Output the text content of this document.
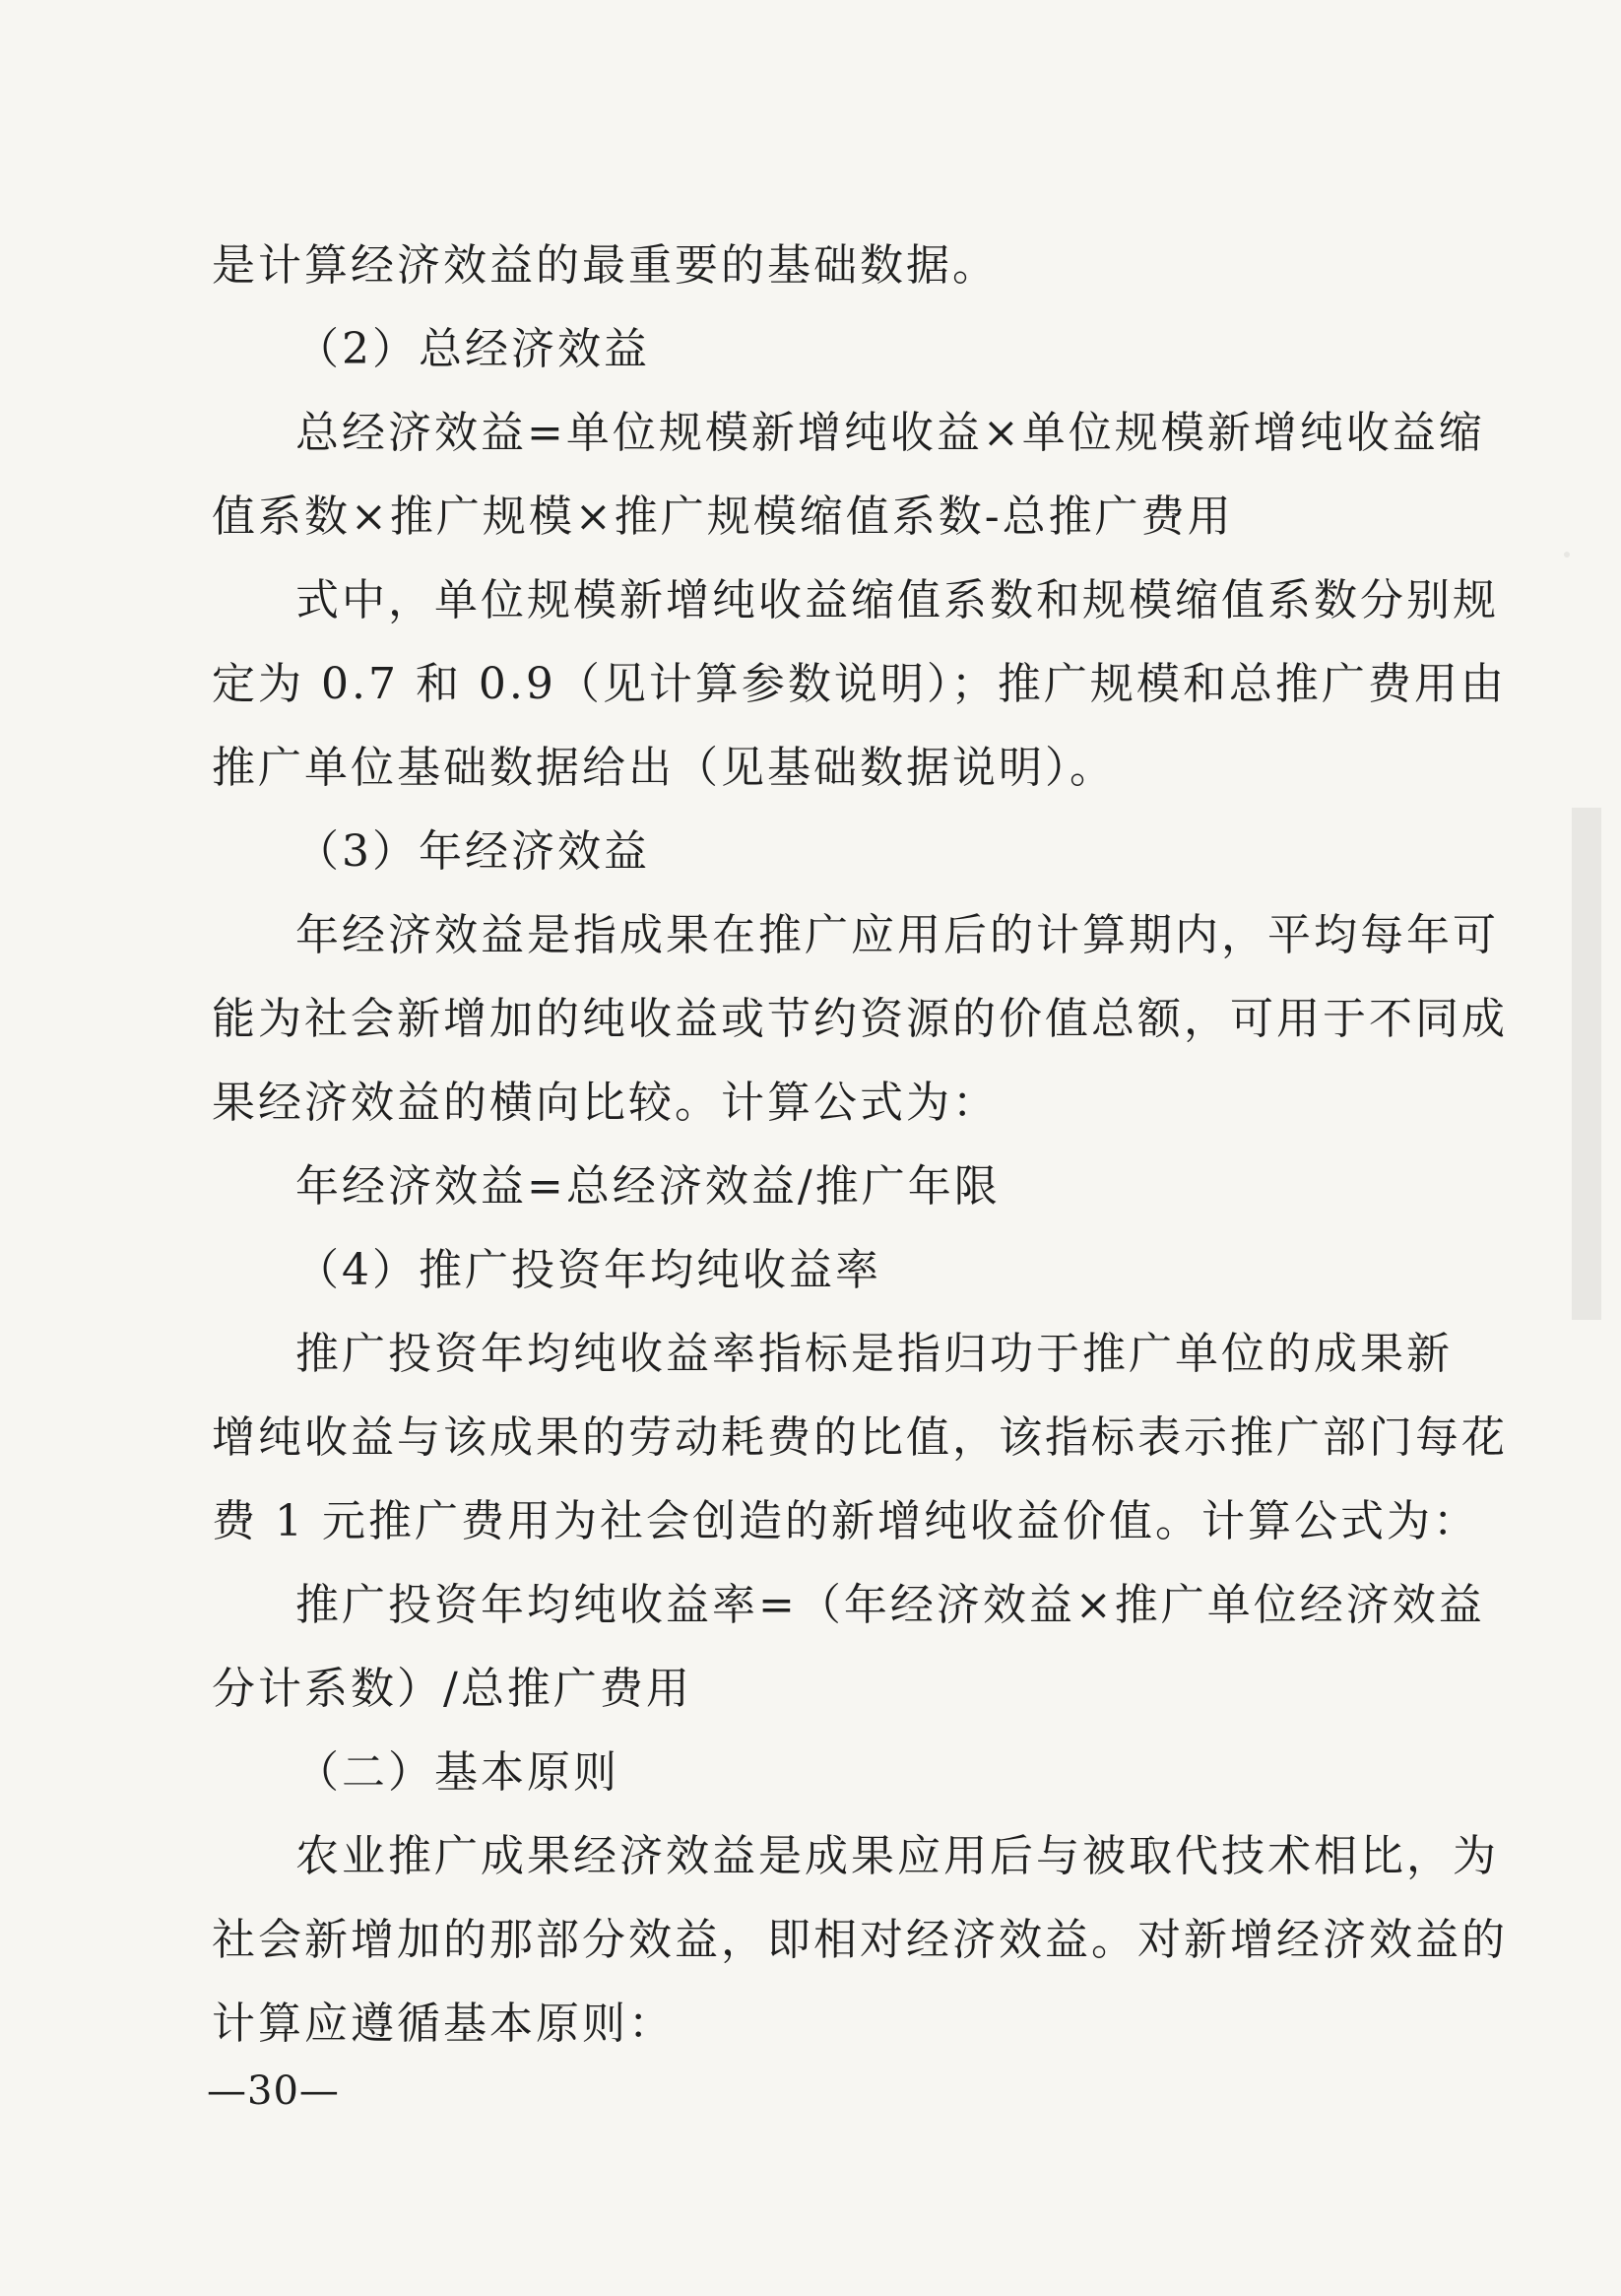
是计算经济效益的最重要的基础数据。
（2）总经济效益
总经济效益=单位规模新增纯收益×单位规模新增纯收益缩
值系数×推广规模×推广规模缩值系数-总推广费用
式中，单位规模新增纯收益缩值系数和规模缩值系数分别规
定为 0.7 和 0.9（见计算参数说明）；推广规模和总推广费用由
推广单位基础数据给出（见基础数据说明）。
（3）年经济效益
年经济效益是指成果在推广应用后的计算期内，平均每年可
能为社会新增加的纯收益或节约资源的价值总额，可用于不同成
果经济效益的横向比较。计算公式为：
年经济效益=总经济效益/推广年限
（4）推广投资年均纯收益率
推广投资年均纯收益率指标是指归功于推广单位的成果新
增纯收益与该成果的劳动耗费的比值，该指标表示推广部门每花
费 1 元推广费用为社会创造的新增纯收益价值。计算公式为：
推广投资年均纯收益率=（年经济效益×推广单位经济效益
分计系数）/总推广费用
（二）基本原则
农业推广成果经济效益是成果应用后与被取代技术相比，为
社会新增加的那部分效益，即相对经济效益。对新增经济效益的
计算应遵循基本原则：
—30—
